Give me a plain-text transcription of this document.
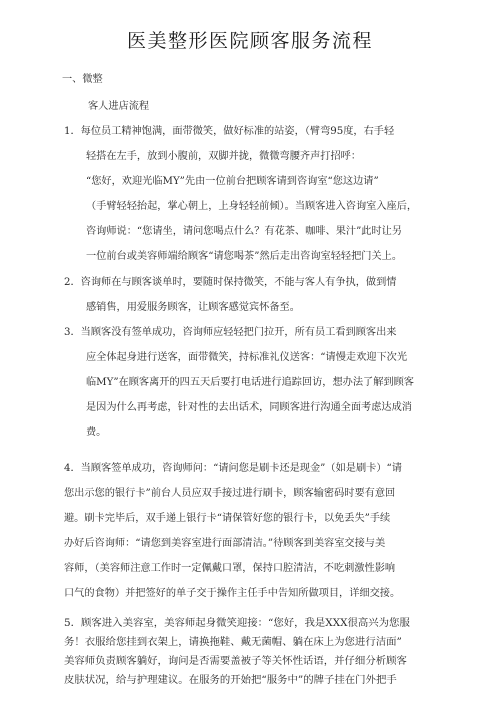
医美整形医院顾客服务流程
一、微整
客人进店流程
1．每位员工精神饱满，面带微笑，做好标准的站姿，（臂弯95度，右手轻
轻搭在左手，放到小腹前，双脚并拢，微微弯腰齐声打招呼：
“您好，欢迎光临MY”先由一位前台把顾客请到咨询室“您这边请”
（手臂轻轻抬起，掌心朝上，上身轻轻前倾）。当顾客进入咨询室入座后，
咨询师说：“您请坐，请问您喝点什么？有花茶、咖啡、果汁”此时让另
一位前台或美容师端给顾客“请您喝茶”然后走出咨询室轻轻把门关上。
2．咨询师在与顾客谈单时，要随时保持微笑，不能与客人有争执，做到情
感销售，用爱服务顾客，让顾客感觉宾怀备至。
3．当顾客没有签单成功，咨询师应轻轻把门拉开，所有员工看到顾客出来
应全体起身进行送客，面带微笑，持标准礼仪送客：“请慢走欢迎下次光
临MY”在顾客离开的四五天后要打电话进行追踪回访，想办法了解到顾客
是因为什么再考虑，针对性的去出话术，同顾客进行沟通全面考虑达成消
费。
4．当顾客签单成功，咨询师问：“请问您是刷卡还是现金”（如是刷卡）“请
您出示您的银行卡”前台人员应双手接过进行刷卡，顾客输密码时要有意回
避。刷卡完毕后，双手递上银行卡“请保管好您的银行卡，以免丢失”手续
办好后咨询师：“请您到美容室进行面部清洁。”待顾客到美容室交接与美
容师，（美容师注意工作时一定佩戴口罩，保持口腔清洁，不吃刺激性影响
口气的食物）并把签好的单子交于操作主任手中告知所做项目，详细交接。
5．顾客进入美容室，美容师起身微笑迎接：“您好，我是XXX很高兴为您服
务！衣服给您挂到衣架上，请换拖鞋、戴无菌帽、躺在床上为您进行洁面”
美容师负责顾客躺好，询问是否需要盖被子等关怀性话语，并仔细分析顾客
皮肤状况，给与护理建议。在服务的开始把“服务中”的牌子挂在门外把手
